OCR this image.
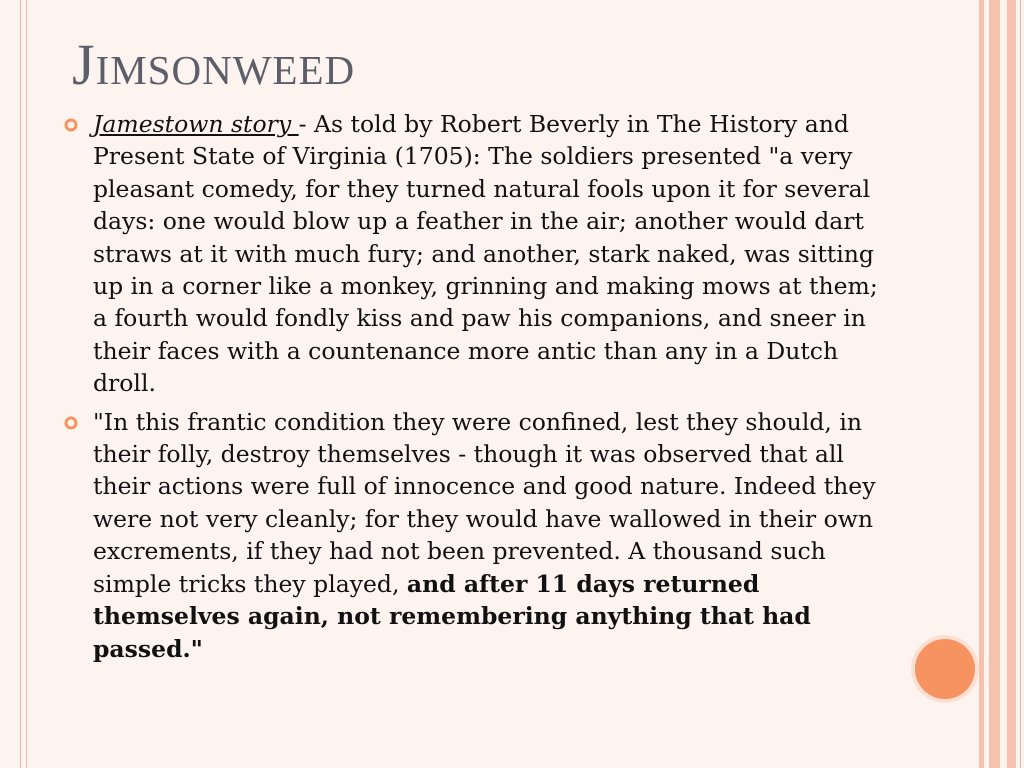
Jimsonweed
Jamestown story - As told by Robert Beverly in The History and Present State of Virginia (1705): The soldiers presented "a very pleasant comedy, for they turned natural fools upon it for several days: one would blow up a feather in the air; another would dart straws at it with much fury; and another, stark naked, was sitting up in a corner like a monkey, grinning and making mows at them; a fourth would fondly kiss and paw his companions, and sneer in their faces with a countenance more antic than any in a Dutch droll.
"In this frantic condition they were confined, lest they should, in their folly, destroy themselves - though it was observed that all their actions were full of innocence and good nature. Indeed they were not very cleanly; for they would have wallowed in their own excrements, if they had not been prevented. A thousand such simple tricks they played, and after 11 days returned themselves again, not remembering anything that had passed."
